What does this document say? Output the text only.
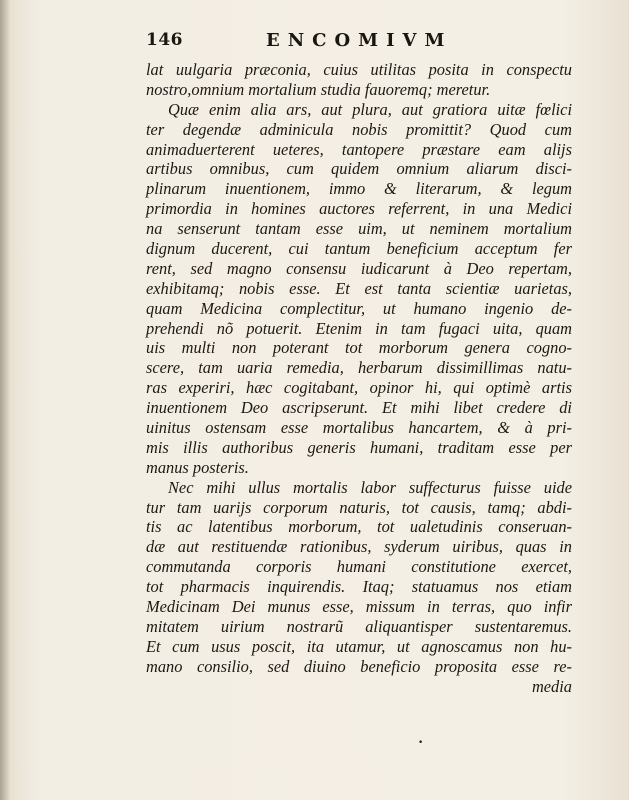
146	ENCOMIVM
lat uulgaria præconia, cuius utilitas posita in conspectu
nostro,omnium mortalium studia fauoremq; meretur.
Quæ enim alia ars, aut plura, aut gratiora uitæ fœlici
ter degendæ adminicula nobis promittit? Quod cum
animaduerterent ueteres, tantopere præstare eam alijs
artibus omnibus, cum quidem omnium aliarum disci-
plinarum inuentionem, immo & literarum, & legum
primordia in homines auctores referrent, in una Medici
na senserunt tantam esse uim, ut neminem mortalium
dignum ducerent, cui tantum beneficium acceptum fer
rent, sed magno consensu iudicarunt à Deo repertam,
exhibitamq; nobis esse. Et est tanta scientiæ uarietas,
quam Medicina complectitur, ut humano ingenio de-
prehendi nõ potuerit. Etenim in tam fugaci uita, quam
uis multi non poterant tot morborum genera cogno-
scere, tam uaria remedia, herbarum dissimillimas natu-
ras experiri, hæc cogitabant, opinor hi, qui optimè artis
inuentionem Deo ascripserunt. Et mihi libet credere di
uinitus ostensam esse mortalibus hancartem, & à pri-
mis illis authoribus generis humani, traditam esse per
manus posteris.
Nec mihi ullus mortalis labor suffecturus fuisse uide
tur tam uarijs corporum naturis, tot causis, tamq; abdi-
tis ac latentibus morborum, tot ualetudinis conseruan-
dæ aut restituendæ rationibus, syderum uiribus, quas in
commutanda corporis humani constitutione exercet,
tot pharmacis inquirendis. Itaq; statuamus nos etiam
Medicinam Dei munus esse, missum in terras, quo infir
mitatem uirium nostrarũ aliquantisper sustentaremus.
Et cum usus poscit, ita utamur, ut agnoscamus non hu-
mano consilio, sed diuino beneficio proposita esse re-
media
•
